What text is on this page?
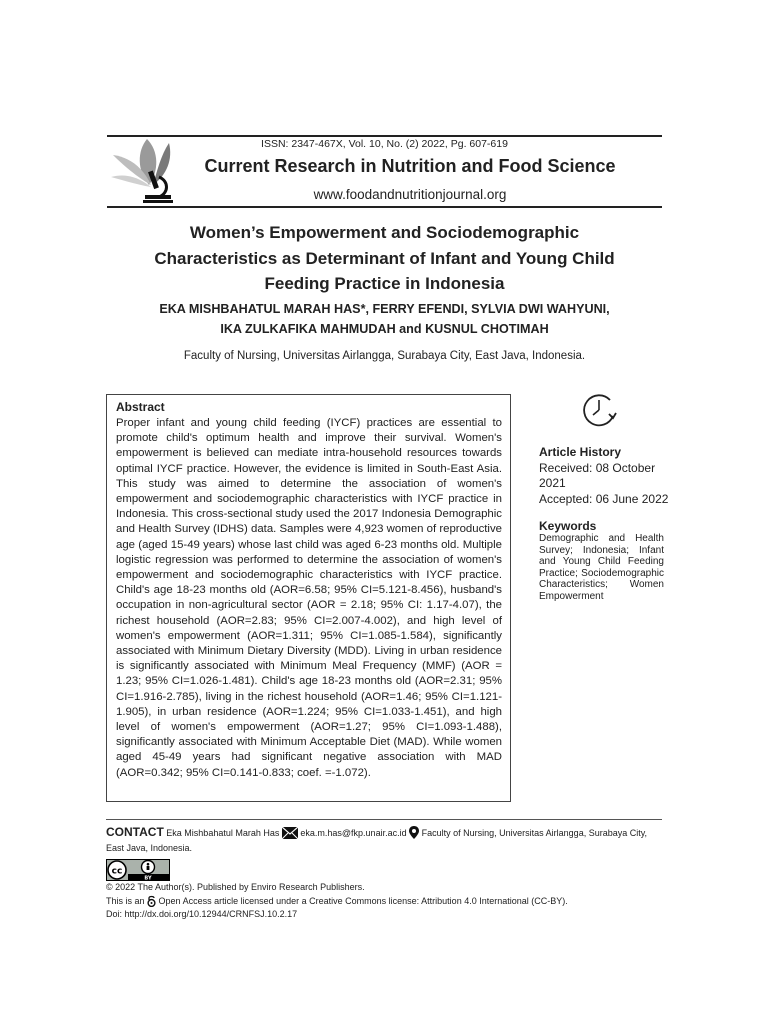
ISSN: 2347-467X, Vol. 10, No. (2) 2022, Pg. 607-619
Current Research in Nutrition and Food Science
www.foodandnutritionjournal.org
Women’s Empowerment and Sociodemographic
Characteristics as Determinant of Infant and Young Child
Feeding Practice in Indonesia
EKA MISHBAHATUL MARAH HAS*, FERRY EFENDI, SYLVIA DWI WAHYUNI,
IKA ZULKAFIKA MAHMUDAH and KUSNUL CHOTIMAH
Faculty of Nursing, Universitas Airlangga, Surabaya City, East Java, Indonesia.
Abstract
Proper infant and young child feeding (IYCF) practices are essential to promote child's optimum health and improve their survival. Women's empowerment is believed can mediate intra-household resources towards optimal IYCF practice. However, the evidence is limited in South-East Asia. This study was aimed to determine the association of women's empowerment and sociodemographic characteristics with IYCF practice in Indonesia. This cross-sectional study used the 2017 Indonesia Demographic and Health Survey (IDHS) data. Samples were 4,923 women of reproductive age (aged 15-49 years) whose last child was aged 6-23 months old. Multiple logistic regression was performed to determine the association of women's empowerment and sociodemographic characteristics with IYCF practice. Child's age 18-23 months old (AOR=6.58; 95% CI=5.121-8.456), husband's occupation in non-agricultural sector (AOR = 2.18; 95% CI: 1.17-4.07), the richest household (AOR=2.83; 95% CI=2.007-4.002), and high level of women's empowerment (AOR=1.311; 95% CI=1.085-1.584), significantly associated with Minimum Dietary Diversity (MDD). Living in urban residence is significantly associated with Minimum Meal Frequency (MMF) (AOR = 1.23; 95% CI=1.026-1.481). Child's age 18-23 months old (AOR=2.31; 95% CI=1.916-2.785), living in the richest household (AOR=1.46; 95% CI=1.121-1.905), in urban residence (AOR=1.224; 95% CI=1.033-1.451), and high level of women's empowerment (AOR=1.27; 95% CI=1.093-1.488), significantly associated with Minimum Acceptable Diet (MAD). While women aged 45-49 years had significant negative association with MAD (AOR=0.342; 95% CI=0.141-0.833; coef. =-1.072).
Article History
Received: 08 October
2021
Accepted: 06 June 2022
Keywords
Demographic and Health Survey; Indonesia; Infant and Young Child Feeding Practice; Sociodemographic Characteristics; Women Empowerment
CONTACT Eka Mishbahatul Marah Has eka.m.has@fkp.unair.ac.id Faculty of Nursing, Universitas Airlangga, Surabaya City,
East Java, Indonesia.
cc
BY
© 2022 The Author(s). Published by Enviro Research Publishers.
This is an Open Access article licensed under a Creative Commons license: Attribution 4.0 International (CC-BY).
Doi: http://dx.doi.org/10.12944/CRNFSJ.10.2.17
